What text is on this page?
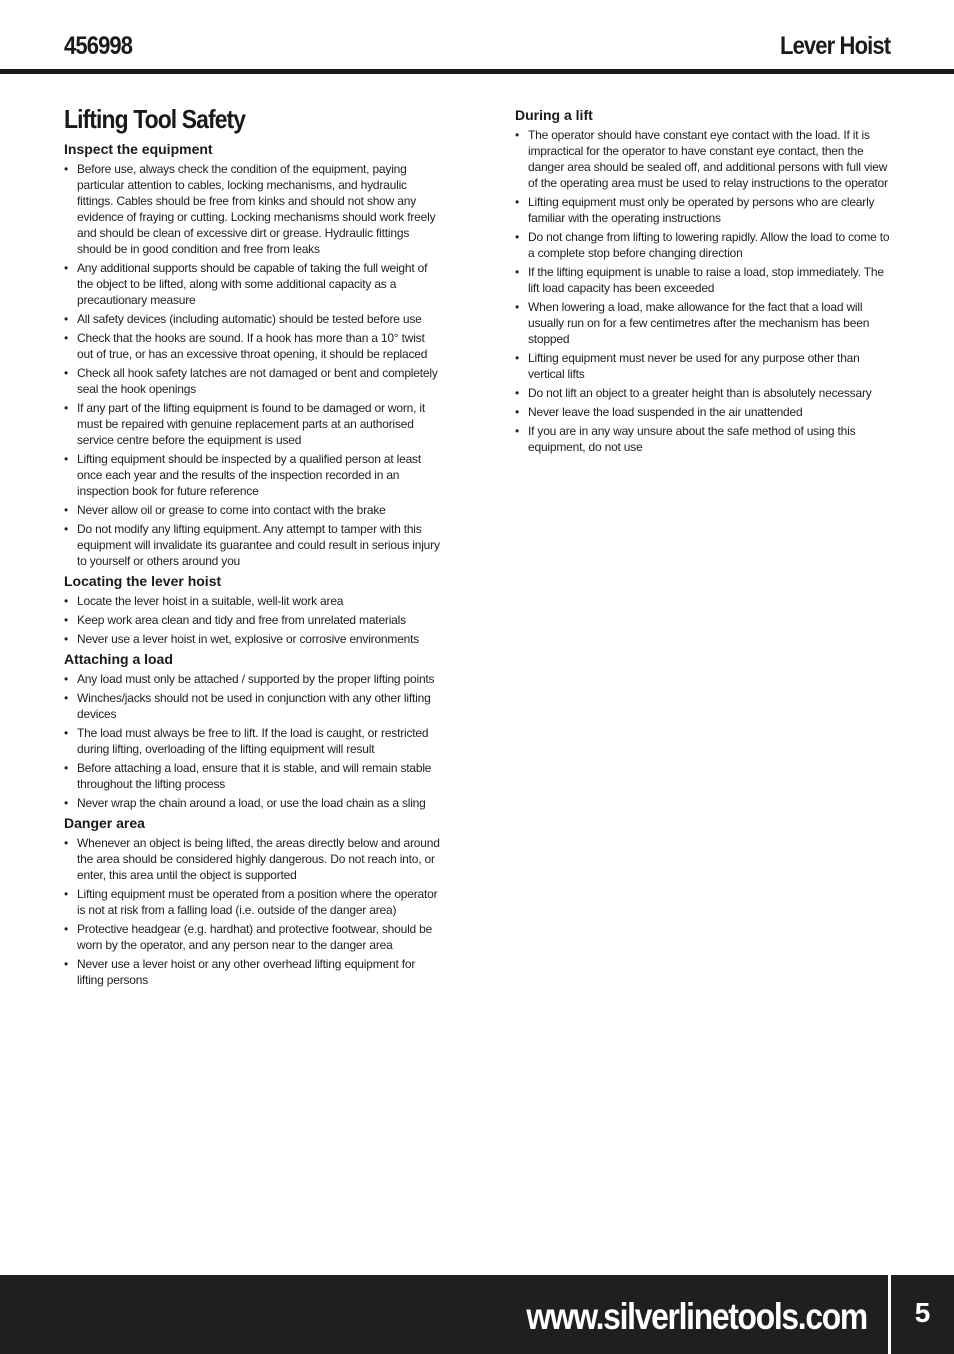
456998	Lever Hoist
Lifting Tool Safety
Inspect the equipment
• Before use, always check the condition of the equipment, paying particular attention to cables, locking mechanisms, and hydraulic fittings. Cables should be free from kinks and should not show any evidence of fraying or cutting. Locking mechanisms should work freely and should be clean of excessive dirt or grease. Hydraulic fittings should be in good condition and free from leaks
• Any additional supports should be capable of taking the full weight of the object to be lifted, along with some additional capacity as a precautionary measure
• All safety devices (including automatic) should be tested before use
• Check that the hooks are sound. If a hook has more than a 10° twist out of true, or has an excessive throat opening, it should be replaced
• Check all hook safety latches are not damaged or bent and completely seal the hook openings
• If any part of the lifting equipment is found to be damaged or worn, it must be repaired with genuine replacement parts at an authorised service centre before the equipment is used
• Lifting equipment should be inspected by a qualified person at least once each year and the results of the inspection recorded in an inspection book for future reference
• Never allow oil or grease to come into contact with the brake
• Do not modify any lifting equipment. Any attempt to tamper with this equipment will invalidate its guarantee and could result in serious injury to yourself or others around you
Locating the lever hoist
• Locate the lever hoist in a suitable, well-lit work area
• Keep work area clean and tidy and free from unrelated materials
• Never use a lever hoist in wet, explosive or corrosive environments
Attaching a load
• Any load must only be attached / supported by the proper lifting points
• Winches/jacks should not be used in conjunction with any other lifting devices
• The load must always be free to lift. If the load is caught, or restricted during lifting, overloading of the lifting equipment will result
• Before attaching a load, ensure that it is stable, and will remain stable throughout the lifting process
• Never wrap the chain around a load, or use the load chain as a sling
Danger area
• Whenever an object is being lifted, the areas directly below and around the area should be considered highly dangerous. Do not reach into, or enter, this area until the object is supported
• Lifting equipment must be operated from a position where the operator is not at risk from a falling load (i.e. outside of the danger area)
• Protective headgear (e.g. hardhat) and protective footwear, should be worn by the operator, and any person near to the danger area
• Never use a lever hoist or any other overhead lifting equipment for lifting persons
During a lift
• The operator should have constant eye contact with the load. If it is impractical for the operator to have constant eye contact, then the danger area should be sealed off, and additional persons with full view of the operating area must be used to relay instructions to the operator
• Lifting equipment must only be operated by persons who are clearly familiar with the operating instructions
• Do not change from lifting to lowering rapidly. Allow the load to come to a complete stop before changing direction
• If the lifting equipment is unable to raise a load, stop immediately. The lift load capacity has been exceeded
• When lowering a load, make allowance for the fact that a load will usually run on for a few centimetres after the mechanism has been stopped
• Lifting equipment must never be used for any purpose other than vertical lifts
• Do not lift an object to a greater height than is absolutely necessary
• Never leave the load suspended in the air unattended
• If you are in any way unsure about the safe method of using this equipment, do not use
www.silverlinetools.com	5
